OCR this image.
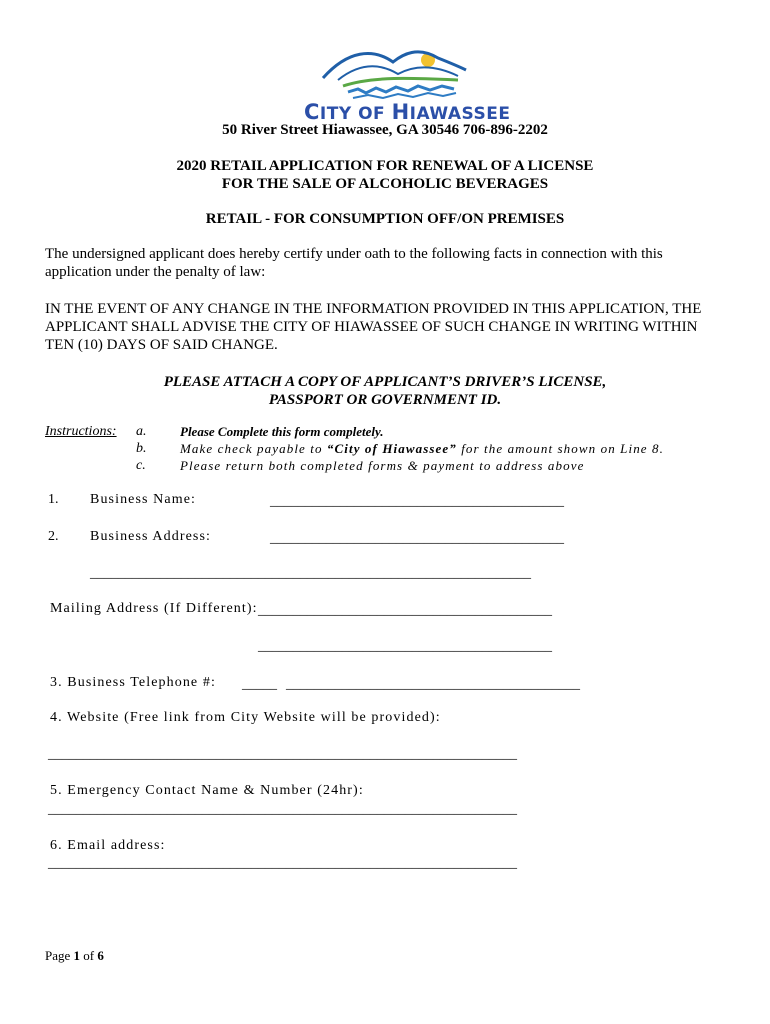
CITY OF HIAWASSEE
50 River Street Hiawassee, GA 30546 706-896-2202
2020 RETAIL APPLICATION FOR RENEWAL OF A LICENSE
FOR THE SALE OF ALCOHOLIC BEVERAGES
RETAIL - FOR CONSUMPTION OFF/ON PREMISES
The undersigned applicant does hereby certify under oath to the following facts in connection with this
application under the penalty of law:
IN THE EVENT OF ANY CHANGE IN THE INFORMATION PROVIDED IN THIS APPLICATION, THE
APPLICANT SHALL ADVISE THE CITY OF HIAWASSEE OF SUCH CHANGE IN WRITING WITHIN
TEN (10) DAYS OF SAID CHANGE.
PLEASE ATTACH A COPY OF APPLICANT’S DRIVER’S LICENSE,
PASSPORT OR GOVERNMENT ID.
Instructions: a.	Please Complete this form completely.
b.	Make check payable to “City of Hiawassee” for the amount shown on Line 8.
c.	Please return both completed forms & payment to address above
1. Business Name:	__________________________________________
2. Business Address:	__________________________________________
_______________________________________________________________
Mailing Address (If Different): __________________________________________
__________________________________________
3. Business Telephone #: _____ __________________________________________
4. Website (Free link from City Website will be provided):
___________________________________________________________________
5. Emergency Contact Name & Number (24hr):
___________________________________________________________________
6. Email address:
___________________________________________________________________
Page 1 of 6
